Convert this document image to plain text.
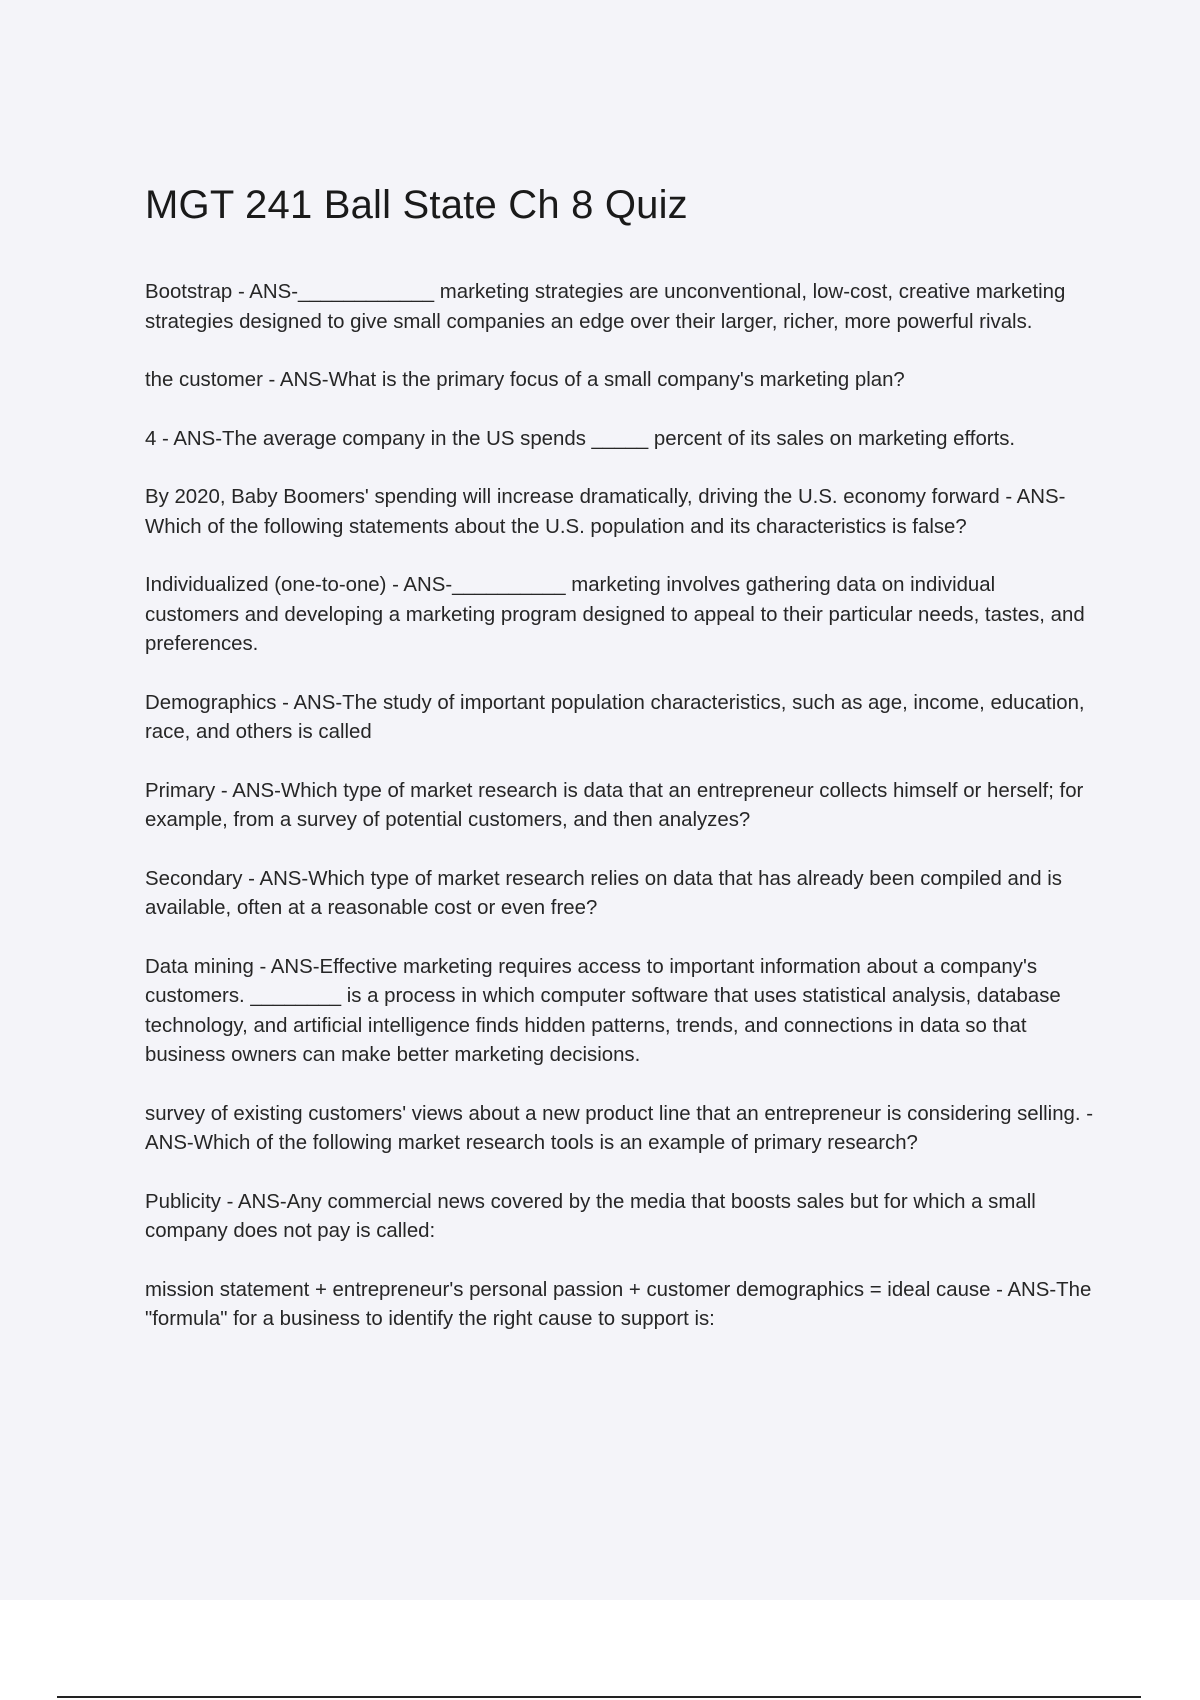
MGT 241 Ball State Ch 8 Quiz
Bootstrap - ANS-____________ marketing strategies are unconventional, low-cost, creative marketing strategies designed to give small companies an edge over their larger, richer, more powerful rivals.
the customer - ANS-What is the primary focus of a small company's marketing plan?
4 - ANS-The average company in the US spends _____ percent of its sales on marketing efforts.
By 2020, Baby Boomers' spending will increase dramatically, driving the U.S. economy forward - ANS-Which of the following statements about the U.S. population and its characteristics is false?
Individualized (one-to-one) - ANS-__________ marketing involves gathering data on individual customers and developing a marketing program designed to appeal to their particular needs, tastes, and preferences.
Demographics - ANS-The study of important population characteristics, such as age, income, education, race, and others is called
Primary - ANS-Which type of market research is data that an entrepreneur collects himself or herself; for example, from a survey of potential customers, and then analyzes?
Secondary - ANS-Which type of market research relies on data that has already been compiled and is available, often at a reasonable cost or even free?
Data mining - ANS-Effective marketing requires access to important information about a company's customers. ________ is a process in which computer software that uses statistical analysis, database technology, and artificial intelligence finds hidden patterns, trends, and connections in data so that business owners can make better marketing decisions.
survey of existing customers' views about a new product line that an entrepreneur is considering selling. - ANS-Which of the following market research tools is an example of primary research?
Publicity - ANS-Any commercial news covered by the media that boosts sales but for which a small company does not pay is called:
mission statement + entrepreneur's personal passion + customer demographics = ideal cause - ANS-The "formula" for a business to identify the right cause to support is:
